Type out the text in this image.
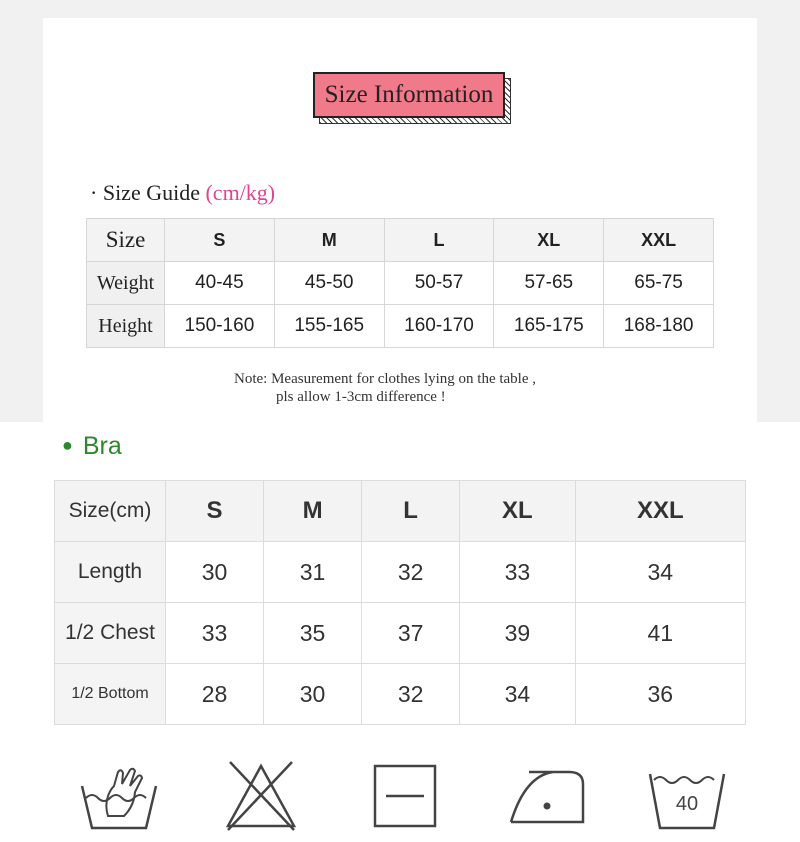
Size Information
· Size Guide (cm/kg)
Size	S	M	L	XL	XXL
Weight	40-45	45-50	50-57	57-65	65-75
Height	150-160	155-165	160-170	165-175	168-180
Note: Measurement for clothes lying on the table ,
pls allow 1-3cm difference !
● Bra
Size(cm)	S	M	L	XL	XXL
Length	30	31	32	33	34
1/2 Chest	33	35	37	39	41
1/2 Bottom	28	30	32	34	36
40
